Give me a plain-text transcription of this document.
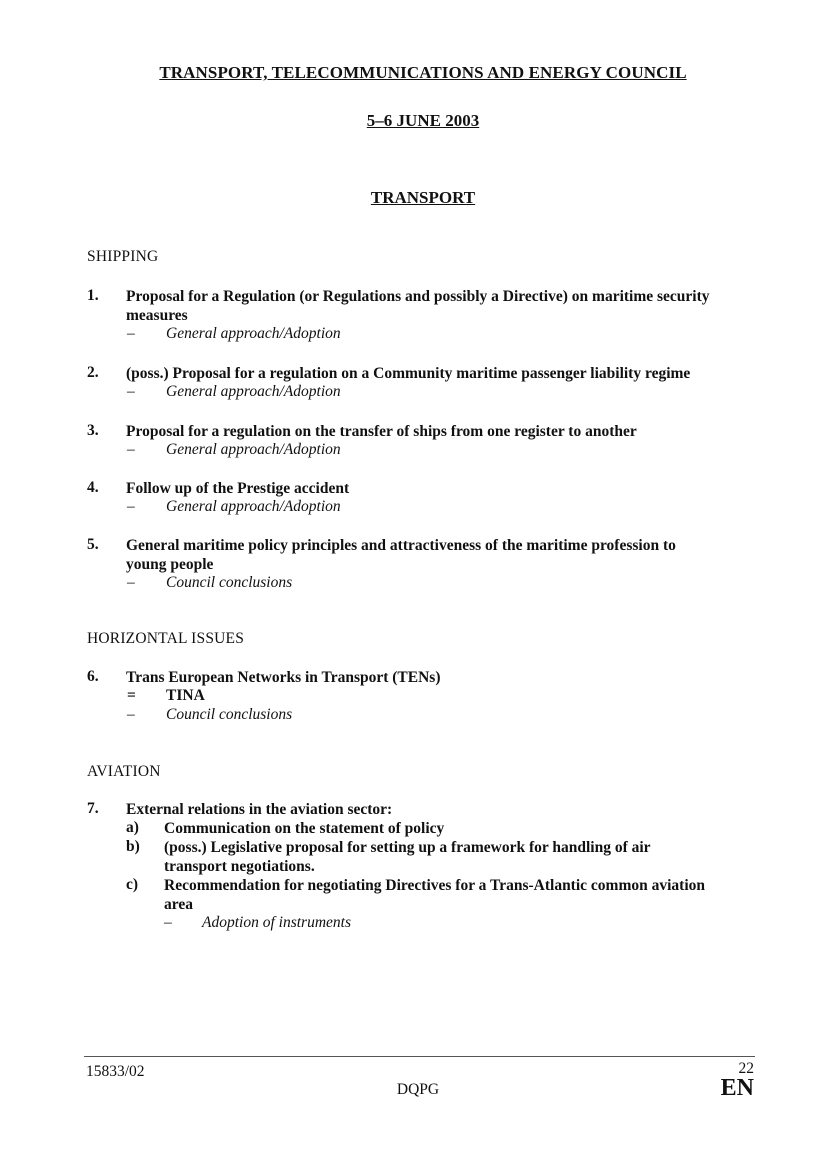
TRANSPORT, TELECOMMUNICATIONS AND ENERGY COUNCIL
5–6 JUNE 2003
TRANSPORT
SHIPPING
1. Proposal for a Regulation (or Regulations and possibly a Directive) on maritime security
measures
–	General approach/Adoption
2. (poss.) Proposal for a regulation on a Community maritime passenger liability regime
–	General approach/Adoption
3. Proposal for a regulation on the transfer of ships from one register to another
–	General approach/Adoption
4. Follow up of the Prestige accident
–	General approach/Adoption
5. General maritime policy principles and attractiveness of the maritime profession to
young people
–	Council conclusions
HORIZONTAL ISSUES
6. Trans European Networks in Transport (TENs)
=	TINA
–	Council conclusions
AVIATION
7. External relations in the aviation sector:
a) Communication on the statement of policy
b) (poss.) Legislative proposal for setting up a framework for handling of air
transport negotiations.
c) Recommendation for negotiating Directives for a Trans-Atlantic common aviation
area
– Adoption of instruments
15833/02	22
DQPG	EN
